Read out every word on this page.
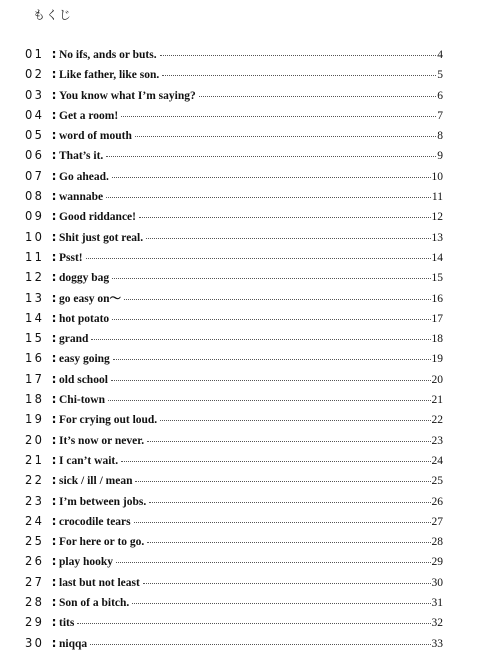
もくじ
01 : No ifs, ands or buts.	4
02 : Like father, like son.	5
03 : You know what I’m saying?	6
04 : Get a room!	7
05 : word of mouth	8
06 : That’s it.	9
07 : Go ahead.	10
08 : wannabe	11
09 : Good riddance!	12
10 : Shit just got real.	13
11 : Psst!	14
12 : doggy bag	15
13 : go easy on〜	16
14 : hot potato	17
15 : grand	18
16 : easy going	19
17 : old school	20
18 : Chi-town	21
19 : For crying out loud.	22
20 : It’s now or never.	23
21 : I can’t wait.	24
22 : sick / ill / mean	25
23 : I’m between jobs.	26
24 : crocodile tears	27
25 : For here or to go.	28
26 : play hooky	29
27 : last but not least	30
28 : Son of a bitch.	31
29 : tits	32
30 : niqqa	33
